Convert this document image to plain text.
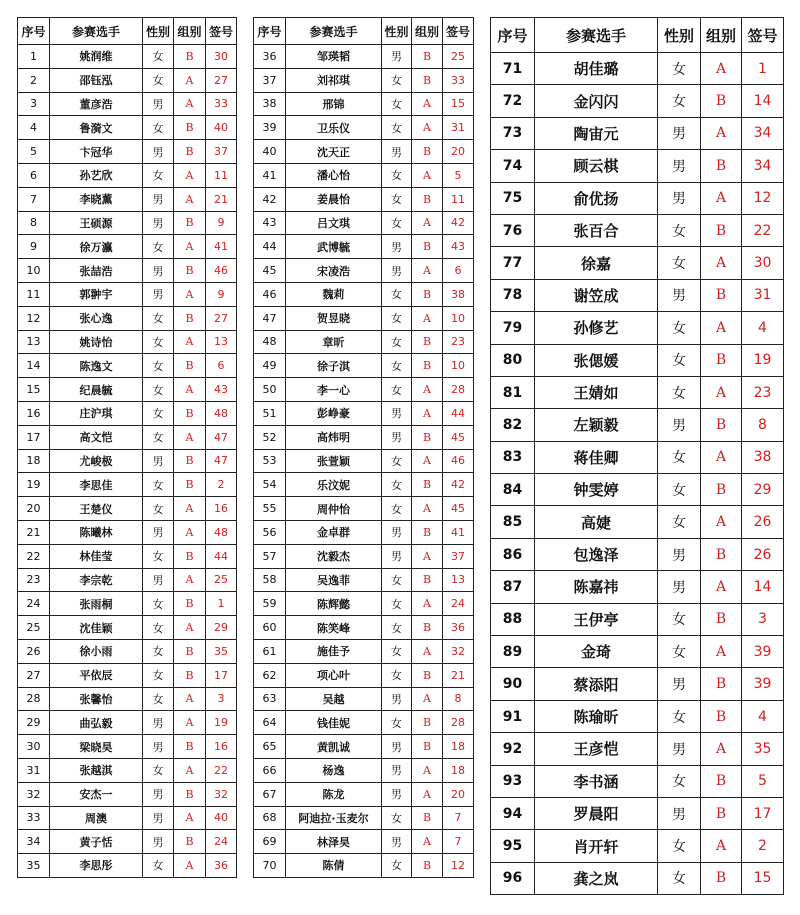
序号	参赛选手	性别	组别	签号
1	姚润维	女	B	30
2	邵钰泓	女	A	27
3	董彦浩	男	A	33
4	鲁漪文	女	B	40
5	卞冠华	男	B	37
6	孙艺欣	女	A	11
7	李晓薫	男	A	21
8	王硕源	男	B	9
9	徐万瀛	女	A	41
10	张喆浩	男	B	46
11	郭翀宇	男	A	9
12	张心逸	女	B	27
13	姚诗怡	女	A	13
14	陈逸文	女	B	6
15	纪晨毓	女	A	43
16	庄沪琪	女	B	48
17	高文恺	女	A	47
18	尤峻极	男	B	47
19	李思佳	女	B	2
20	王楚仪	女	A	16
21	陈曦林	男	A	48
22	林佳莹	女	B	44
23	李宗乾	男	A	25
24	张雨桐	女	B	1
25	沈佳颖	女	A	29
26	徐小雨	女	B	35
27	平依辰	女	B	17
28	张馨怡	女	A	3
29	曲弘毅	男	A	19
30	梁晓昊	男	B	16
31	张越淇	女	A	22
32	安杰一	男	B	32
33	周澳	男	A	40
34	黄子恬	男	B	24
35	李思彤	女	A	36
序号	参赛选手	性别	组别	签号
36	邹瑛韬	男	B	25
37	刘祁琪	女	B	33
38	邢锦	女	A	15
39	卫乐仪	女	A	31
40	沈天正	男	B	20
41	潘心怡	女	A	5
42	姜晨怡	女	B	11
43	吕文琪	女	A	42
44	武博毓	男	B	43
45	宋凌浩	男	A	6
46	魏莉	女	B	38
47	贺昱晓	女	A	10
48	章昕	女	B	23
49	徐子淇	女	B	10
50	李一心	女	A	28
51	彭峥豪	男	A	44
52	高炜明	男	B	45
53	张萱颖	女	A	46
54	乐汶妮	女	B	42
55	周仲怡	女	A	45
56	金卓群	男	B	41
57	沈毅杰	男	A	37
58	吴逸菲	女	B	13
59	陈辉懿	女	A	24
60	陈笑峰	女	B	36
61	施佳予	女	A	32
62	项心叶	女	B	21
63	吴越	男	A	8
64	钱佳妮	女	B	28
65	黄凯诚	男	B	18
66	杨逸	男	A	18
67	陈龙	男	A	20
68	阿迪拉·玉麦尔	女	B	7
69	林泽昊	男	A	7
70	陈倩	女	B	12
序号	参赛选手	性别	组别	签号
71	胡佳璐	女	A	1
72	金闪闪	女	B	14
73	陶宙元	男	A	34
74	顾云棋	男	B	34
75	俞优扬	男	A	12
76	张百合	女	B	22
77	徐嘉	女	A	30
78	谢笠成	男	B	31
79	孙修艺	女	A	4
80	张偲媛	女	B	19
81	王婧如	女	A	23
82	左颖毅	男	B	8
83	蒋佳卿	女	A	38
84	钟雯婷	女	B	29
85	高婕	女	A	26
86	包逸泽	男	B	26
87	陈嘉祎	男	A	14
88	王伊亭	女	B	3
89	金琦	女	A	39
90	蔡添阳	男	B	39
91	陈瑜昕	女	B	4
92	王彦恺	男	A	35
93	李书涵	女	B	5
94	罗晨阳	男	B	17
95	肖开轩	女	A	2
96	龚之岚	女	B	15
